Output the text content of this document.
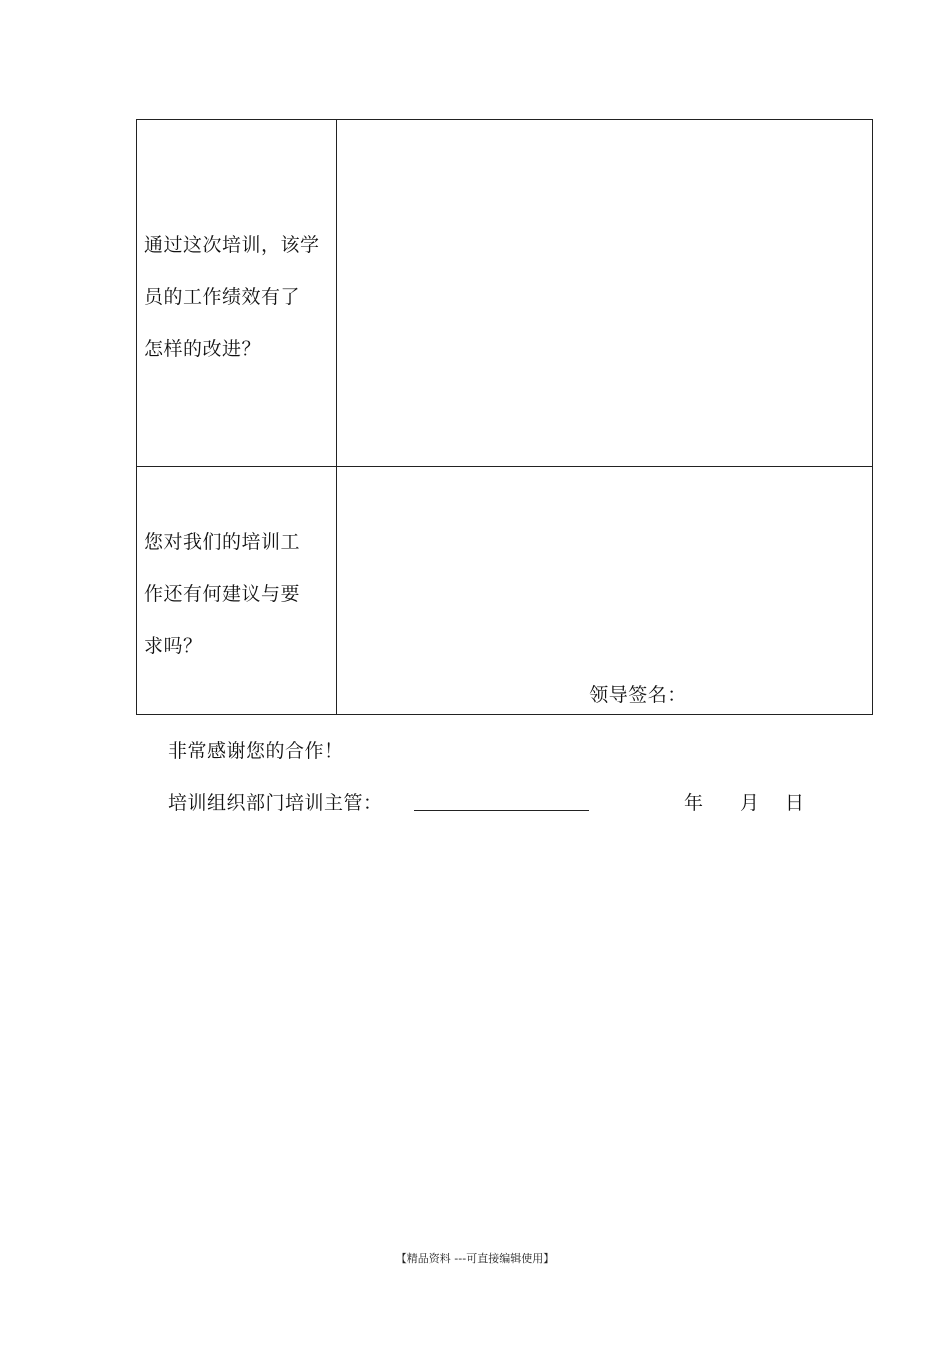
通过这次培训，该学
员的工作绩效有了
怎样的改进？	

您对我们的培训工
作还有何建议与要
求吗？	领导签名：
非常感谢您的合作！
培训组织部门培训主管：	年 月 日
【精品资料 ---可直接编辑使用】
